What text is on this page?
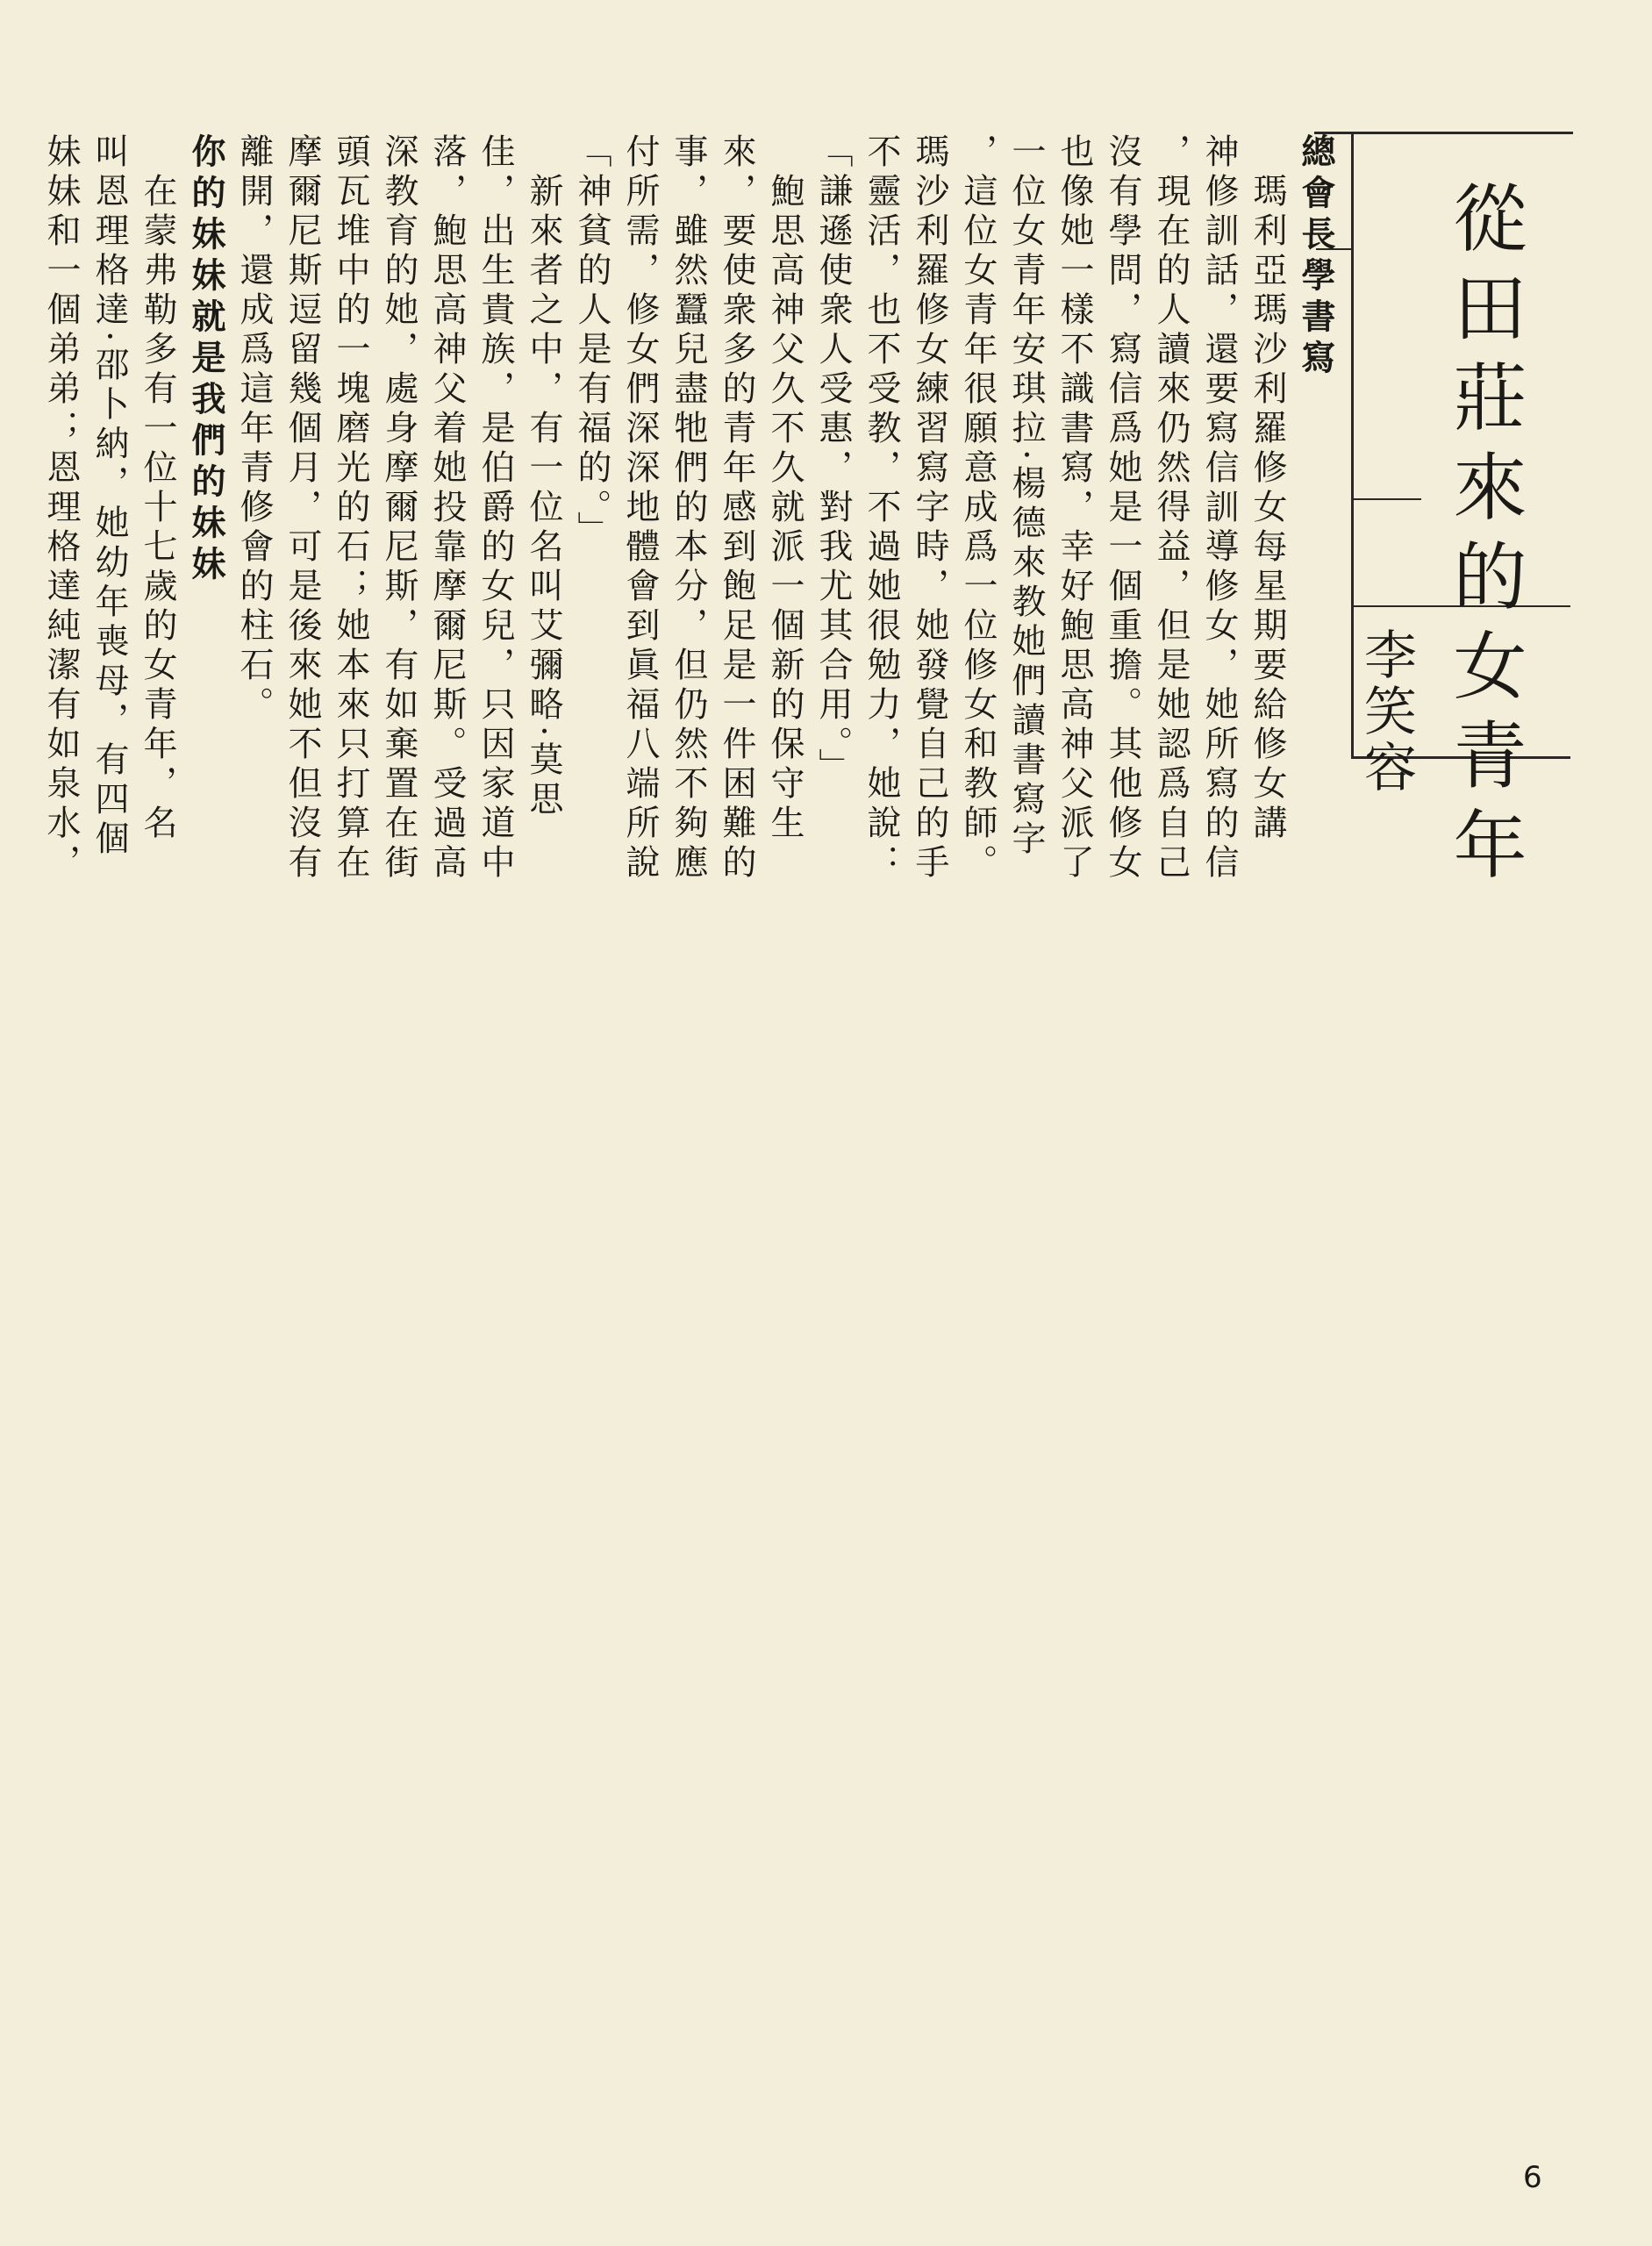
從田莊來的女青年
李笑容
總會長學書寫
　瑪利亞瑪沙利羅修女每星期要給修女講
神修訓話，還要寫信訓導修女，她所寫的信
，現在的人讀來仍然得益，但是她認爲自己
沒有學問，寫信爲她是一個重擔。其他修女
也像她一樣不識書寫，幸好鮑思高神父派了
一位女青年安琪拉·楊德來教她們讀書寫字
，這位女青年很願意成爲一位修女和教師。
瑪沙利羅修女練習寫字時，她發覺自己的手
不靈活，也不受教，不過她很勉力，她說：
「謙遜使衆人受惠，對我尤其合用。」
　鮑思高神父久不久就派一個新的保守生
來，要使衆多的青年感到飽足是一件困難的
事，雖然蠶兒盡牠們的本分，但仍然不夠應
付所需，修女們深深地體會到眞福八端所說
「神貧的人是有福的。」
　新來者之中，有一位名叫艾彌略·莫思
佳，出生貴族，是伯爵的女兒，只因家道中
落，鮑思高神父着她投靠摩爾尼斯。受過高
深教育的她，處身摩爾尼斯，有如棄置在街
頭瓦堆中的一塊磨光的石；她本來只打算在
摩爾尼斯逗留幾個月，可是後來她不但沒有
離開，還成爲這年青修會的柱石。
你的妹妹就是我們的妹妹
　在蒙弗勒多有一位十七歲的女青年，名
叫恩理格達·邵卜納，她幼年喪母，有四個
妹妹和一個弟弟；恩理格達純潔有如泉水，
6
